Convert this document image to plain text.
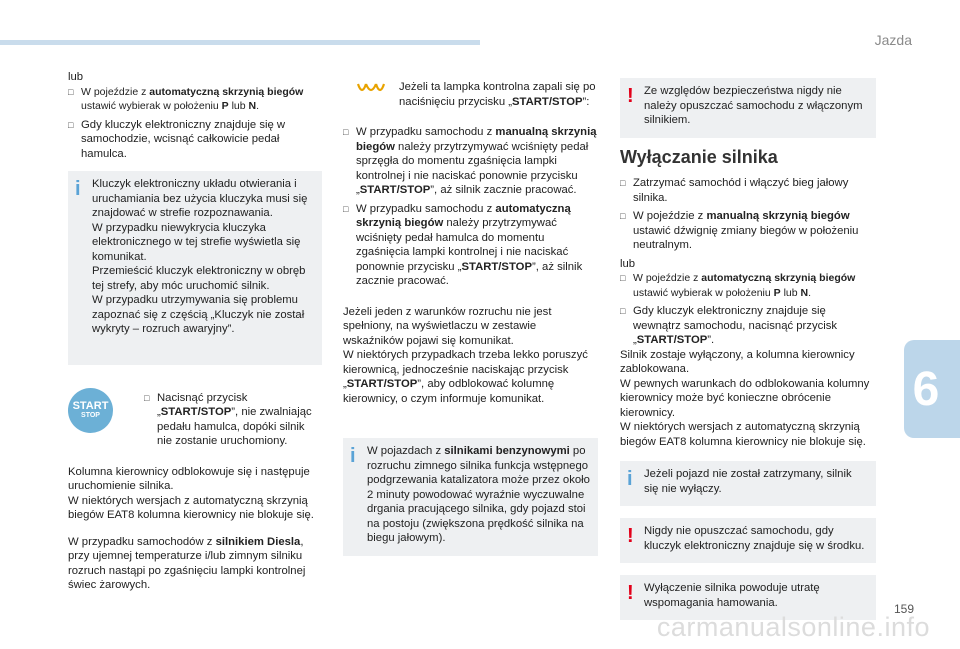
Jazda
6
lub
□ W pojeździe z automatyczną skrzynią biegów ustawić wybierak w położeniu P lub N.
□ Gdy kluczyk elektroniczny znajduje się w samochodzie, wcisnąć całkowicie pedał hamulca.
i Kluczyk elektroniczny układu otwierania i uruchamiania bez użycia kluczyka musi się znajdować w strefie rozpoznawania.
W przypadku niewykrycia kluczyka elektronicznego w tej strefie wyświetla się komunikat.
Przemieścić kluczyk elektroniczny w obręb tej strefy, aby móc uruchomić silnik.
W przypadku utrzymywania się problemu zapoznać się z częścią „Kluczyk nie został wykryty – rozruch awaryjny”.
□ Nacisnąć przycisk „START/STOP”, nie zwalniając pedału hamulca, dopóki silnik nie zostanie uruchomiony.

Kolumna kierownicy odblokowuje się i następuje uruchomienie silnika.
W niektórych wersjach z automatyczną skrzynią biegów EAT8 kolumna kierownicy nie blokuje się.

W przypadku samochodów z silnikiem Diesla, przy ujemnej temperaturze i/lub zimnym silniku rozruch nastąpi po zgaśnięciu lampki kontrolnej świec żarowych.

START
STOP
Jeżeli ta lampka kontrolna zapali się po naciśnięciu przycisku „START/STOP”:
□ W przypadku samochodu z manualną skrzynią biegów należy przytrzymywać wciśnięty pedał sprzęgła do momentu zgaśnięcia lampki kontrolnej i nie naciskać ponownie przycisku „START/STOP”, aż silnik zacznie pracować.
□ W przypadku samochodu z automatyczną skrzynią biegów należy przytrzymywać wciśnięty pedał hamulca do momentu zgaśnięcia lampki kontrolnej i nie naciskać ponownie przycisku „START/STOP”, aż silnik zacznie pracować.
Jeżeli jeden z warunków rozruchu nie jest spełniony, na wyświetlaczu w zestawie wskaźników pojawi się komunikat.
W niektórych przypadkach trzeba lekko poruszyć kierownicą, jednocześnie naciskając przycisk „START/STOP”, aby odblokować kolumnę kierownicy, o czym informuje komunikat.
i W pojazdach z silnikami benzynowymi po rozruchu zimnego silnika funkcja wstępnego podgrzewania katalizatora może przez około 2 minuty powodować wyraźnie wyczuwalne drgania pracującego silnika, gdy pojazd stoi na postoju (zwiększona prędkość silnika na biegu jałowym).
! Ze względów bezpieczeństwa nigdy nie należy opuszczać samochodu z włączonym silnikiem.
Wyłączanie silnika
□ Zatrzymać samochód i włączyć bieg jałowy silnika.
□ W pojeździe z manualną skrzynią biegów ustawić dźwignię zmiany biegów w położeniu neutralnym.
lub
□ W pojeździe z automatyczną skrzynią biegów ustawić wybierak w położeniu P lub N.
□ Gdy kluczyk elektroniczny znajduje się wewnątrz samochodu, nacisnąć przycisk „START/STOP”.

Silnik zostaje wyłączony, a kolumna kierownicy zablokowana.
W pewnych warunkach do odblokowania kolumny kierownicy może być konieczne obrócenie kierownicy.
W niektórych wersjach z automatyczną skrzynią biegów EAT8 kolumna kierownicy nie blokuje się.

i Jeżeli pojazd nie został zatrzymany, silnik się nie wyłączy.
! Nigdy nie opuszczać samochodu, gdy kluczyk elektroniczny znajduje się w środku.
! Wyłączenie silnika powoduje utratę wspomagania hamowania.	159
carmanualsonline.info
